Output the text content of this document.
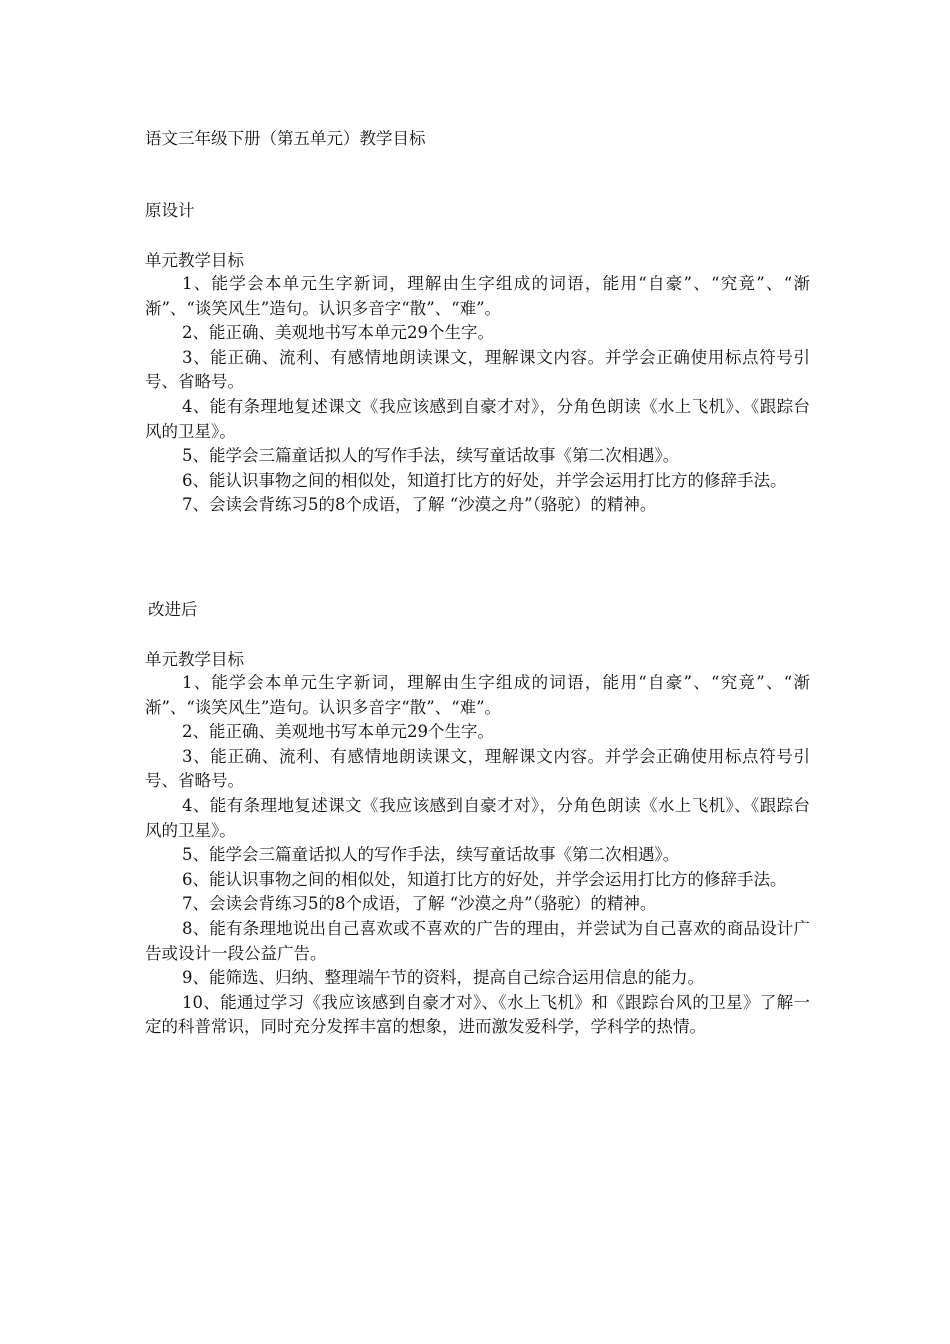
语文三年级下册（第五单元）教学目标
原设计
单元教学目标
1、能学会本单元生字新词，理解由生字组成的词语，能用“自豪”、“究竟”、“渐渐”、“谈笑风生”造句。认识多音字“散”、“难”。
2、能正确、美观地书写本单元29个生字。
3、能正确、流利、有感情地朗读课文，理解课文内容。并学会正确使用标点符号引号、省略号。
4、能有条理地复述课文《我应该感到自豪才对》，分角色朗读《水上飞机》、《跟踪台风的卫星》。
5、能学会三篇童话拟人的写作手法，续写童话故事《第二次相遇》。
6、能认识事物之间的相似处，知道打比方的好处，并学会运用打比方的修辞手法。
7、会读会背练习5的8个成语，了解 “沙漠之舟”（骆驼）的精神。
改进后
单元教学目标
1、能学会本单元生字新词，理解由生字组成的词语，能用“自豪”、“究竟”、“渐渐”、“谈笑风生”造句。认识多音字“散”、“难”。
2、能正确、美观地书写本单元29个生字。
3、能正确、流利、有感情地朗读课文，理解课文内容。并学会正确使用标点符号引号、省略号。
4、能有条理地复述课文《我应该感到自豪才对》，分角色朗读《水上飞机》、《跟踪台风的卫星》。
5、能学会三篇童话拟人的写作手法，续写童话故事《第二次相遇》。
6、能认识事物之间的相似处，知道打比方的好处，并学会运用打比方的修辞手法。
7、会读会背练习5的8个成语，了解 “沙漠之舟”（骆驼）的精神。
8、能有条理地说出自己喜欢或不喜欢的广告的理由，并尝试为自己喜欢的商品设计广告或设计一段公益广告。
9、能筛选、归纳、整理端午节的资料，提高自己综合运用信息的能力。
10、能通过学习《我应该感到自豪才对》、《水上飞机》和《跟踪台风的卫星》了解一定的科普常识，同时充分发挥丰富的想象，进而激发爱科学，学科学的热情。
